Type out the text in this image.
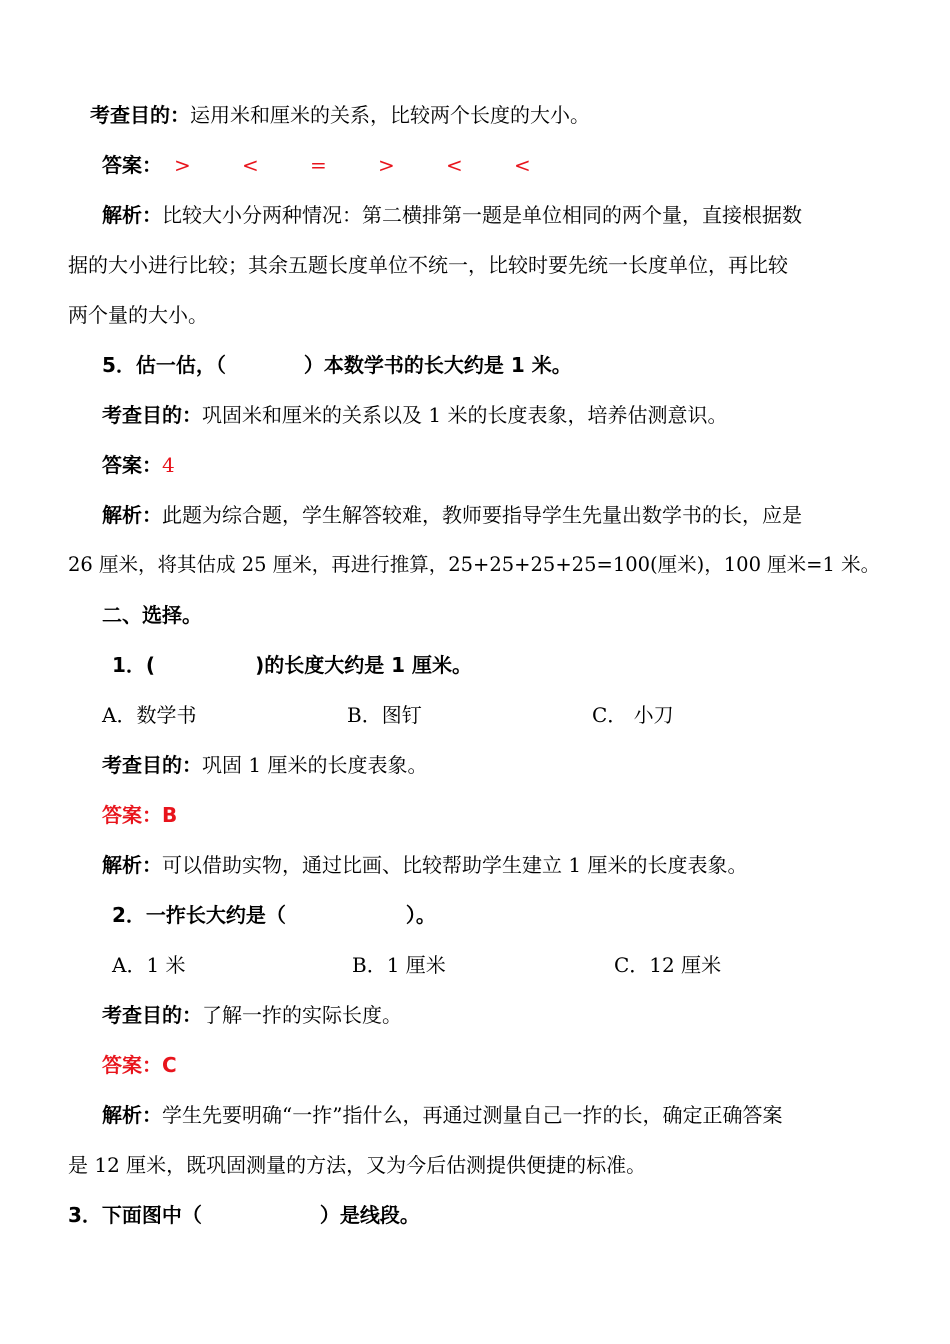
考查目的：运用米和厘米的关系，比较两个长度的大小。
答案： >	<	=	>	<	<
解析：比较大小分两种情况：第二横排第一题是单位相同的两个量，直接根据数
据的大小进行比较；其余五题长度单位不统一，比较时要先统一长度单位，再比较
两个量的大小。
5．估一估，（	）本数学书的长大约是 1 米。
考查目的：巩固米和厘米的关系以及 1 米的长度表象，培养估测意识。
答案：4
解析：此题为综合题，学生解答较难，教师要指导学生先量出数学书的长，应是
26 厘米，将其估成 25 厘米，再进行推算，25+25+25+25=100(厘米)，100 厘米=1 米。
二、选择。
1．(	)的长度大约是 1 厘米。
A．数学书	B．图钉	C． 小刀
考查目的：巩固 1 厘米的长度表象。
答案：B
解析：可以借助实物，通过比画、比较帮助学生建立 1 厘米的长度表象。
2．一拃长大约是（	）。
A．1 米	B．1 厘米	C．12 厘米
考查目的：了解一拃的实际长度。
答案：C
解析：学生先要明确“一拃”指什么，再通过测量自己一拃的长，确定正确答案
是 12 厘米，既巩固测量的方法，又为今后估测提供便捷的标准。
3．下面图中（	）是线段。
